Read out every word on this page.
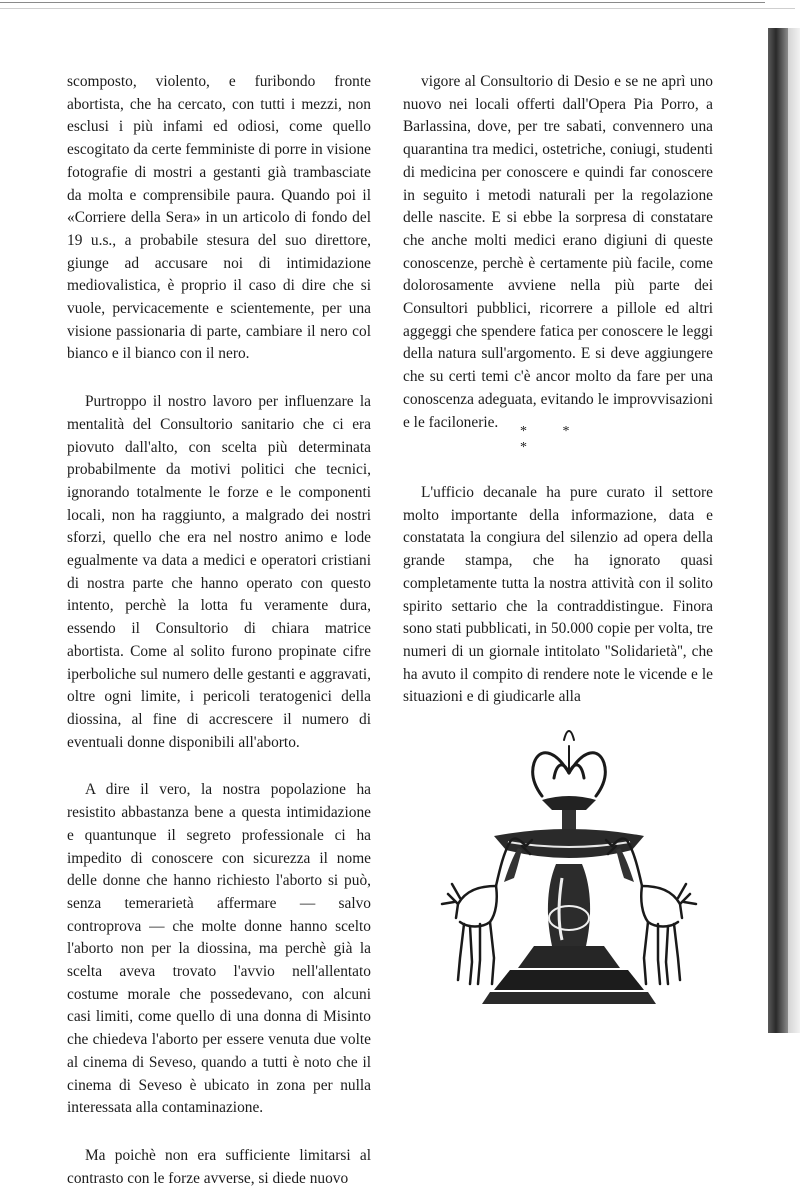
scomposto, violento, e furibondo fronte abortista, che ha cercato, con tutti i mezzi, non esclusi i più infami ed odiosi, come quello escogitato da certe femministe di porre in visione fotografie di mostri a gestanti già trambasciate da molta e comprensibile paura. Quando poi il «Corriere della Sera» in un articolo di fondo del 19 u.s., a probabile stesura del suo direttore, giunge ad accusare noi di intimidazione mediovalistica, è proprio il caso di dire che si vuole, pervicacemente e scientemente, per una visione passionaria di parte, cambiare il nero col bianco e il bianco con il nero.

Purtroppo il nostro lavoro per influenzare la mentalità del Consultorio sanitario che ci era piovuto dall'alto, con scelta più determinata probabilmente da motivi politici che tecnici, ignorando totalmente le forze e le componenti locali, non ha raggiunto, a malgrado dei nostri sforzi, quello che era nel nostro animo e lode egualmente va data a medici e operatori cristiani di nostra parte che hanno operato con questo intento, perchè la lotta fu veramente dura, essendo il Consultorio di chiara matrice abortista. Come al solito furono propinate cifre iperboliche sul numero delle gestanti e aggravati, oltre ogni limite, i pericoli teratogenici della diossina, al fine di accrescere il numero di eventuali donne disponibili all'aborto.

A dire il vero, la nostra popolazione ha resistito abbastanza bene a questa intimidazione e quantunque il segreto professionale ci ha impedito di conoscere con sicurezza il nome delle donne che hanno richiesto l'aborto si può, senza temerarietà affermare — salvo controprova — che molte donne hanno scelto l'aborto non per la diossina, ma perchè già la scelta aveva trovato l'avvio nell'allentato costume morale che possedevano, con alcuni casi limiti, come quello di una donna di Misinto che chiedeva l'aborto per essere venuta due volte al cinema di Seveso, quando a tutti è noto che il cinema di Seveso è ubicato in zona per nulla interessata alla contaminazione.

Ma poichè non era sufficiente limitarsi al contrasto con le forze avverse, si diede nuovo

vigore al Consultorio di Desio e se ne aprì uno nuovo nei locali offerti dall'Opera Pia Porro, a Barlassina, dove, per tre sabati, convennero una quarantina tra medici, ostetriche, coniugi, studenti di medicina per conoscere e quindi far conoscere in seguito i metodi naturali per la regolazione delle nascite. E si ebbe la sorpresa di constatare che anche molti medici erano digiuni di queste conoscenze, perchè è certamente più facile, come dolorosamente avviene nella più parte dei Consultori pubblici, ricorrere a pillole ed altri aggeggi che spendere fatica per conoscere le leggi della natura sull'argomento. E si deve aggiungere che su certi temi c'è ancor molto da fare per una conoscenza adeguata, evitando le improvvisazioni e le facilonerie.

* * *

L'ufficio decanale ha pure curato il settore molto importante della informazione, data e constatata la congiura del silenzio ad opera della grande stampa, che ha ignorato quasi completamente tutta la nostra attività con il solito spirito settario che la contraddistingue. Finora sono stati pubblicati, in 50.000 copie per volta, tre numeri di un giornale intitolato ''Solidarietà'', che ha avuto il compito di rendere note le vicende e le situazioni e di giudicarle alla
